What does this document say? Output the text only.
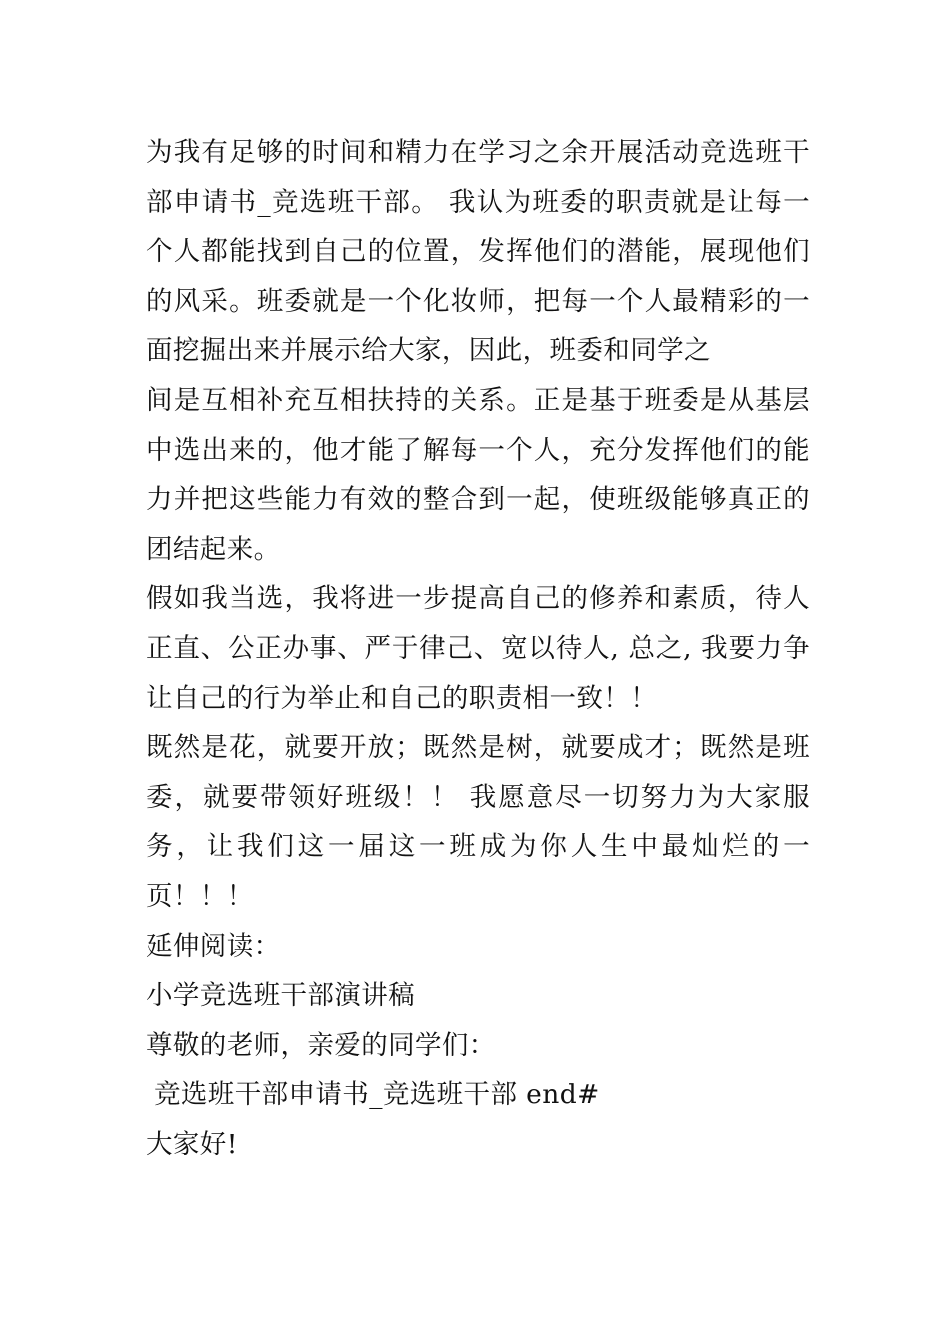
为我有足够的时间和精力在学习之余开展活动竞选班干部申请书_竞选班干部。 我认为班委的职责就是让每一个人都能找到自己的位置，发挥他们的潜能，展现他们的风采。班委就是一个化妆师，把每一个人最精彩的一面挖掘出来并展示给大家，因此，班委和同学之

间是互相补充互相扶持的关系。正是基于班委是从基层中选出来的，他才能了解每一个人，充分发挥他们的能力并把这些能力有效的整合到一起，使班级能够真正的团结起来。

假如我当选，我将进一步提高自己的修养和素质，待人正直、公正办事、严于律己、宽以待人, 总之, 我要力争让自己的行为举止和自己的职责相一致！！

既然是花，就要开放；既然是树，就要成才；既然是班委，就要带领好班级！！ 我愿意尽一切努力为大家服务，让我们这一届这一班成为你人生中最灿烂的一页！！！

延伸阅读：

小学竞选班干部演讲稿

尊敬的老师，亲爱的同学们：

竞选班干部申请书_竞选班干部 end#

大家好!
